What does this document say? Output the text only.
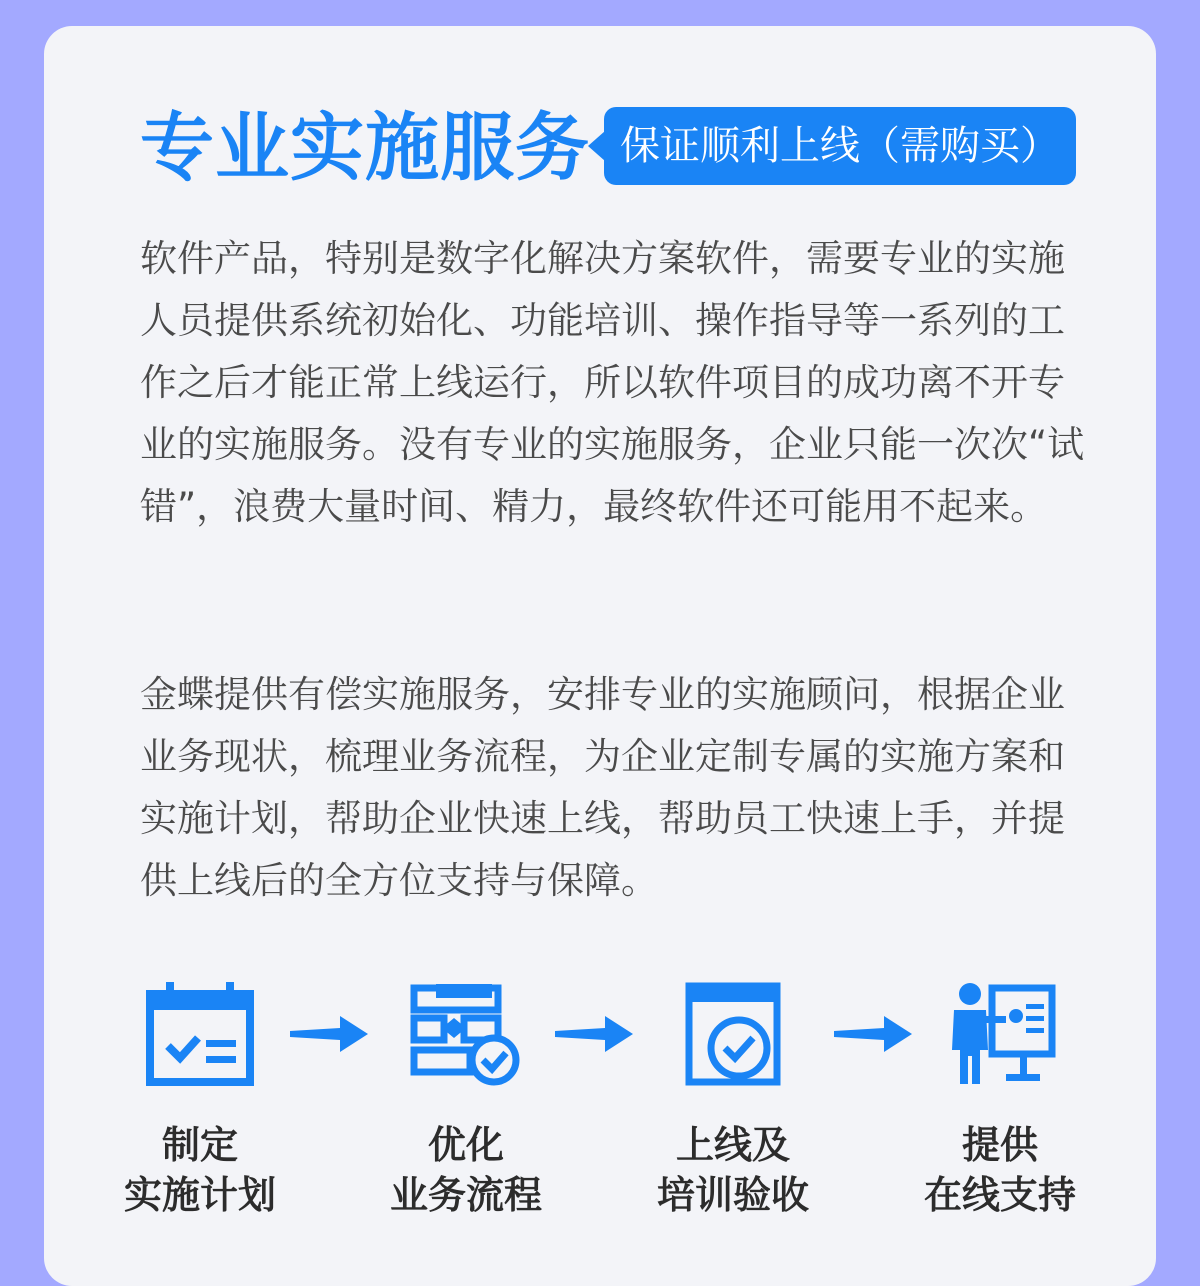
专业实施服务 保证顺利上线（需购买）

软件产品，特别是数字化解决方案软件，需要专业的实施人员提供系统初始化、功能培训、操作指导等一系列的工作之后才能正常上线运行，所以软件项目的成功离不开专业的实施服务。没有专业的实施服务，企业只能一次次“试错”，浪费大量时间、精力，最终软件还可能用不起来。

金蝶提供有偿实施服务，安排专业的实施顾问，根据企业业务现状，梳理业务流程，为企业定制专属的实施方案和实施计划，帮助企业快速上线，帮助员工快速上手，并提供上线后的全方位支持与保障。

制定
实施计划
优化
业务流程
上线及
培训验收
提供
在线支持
